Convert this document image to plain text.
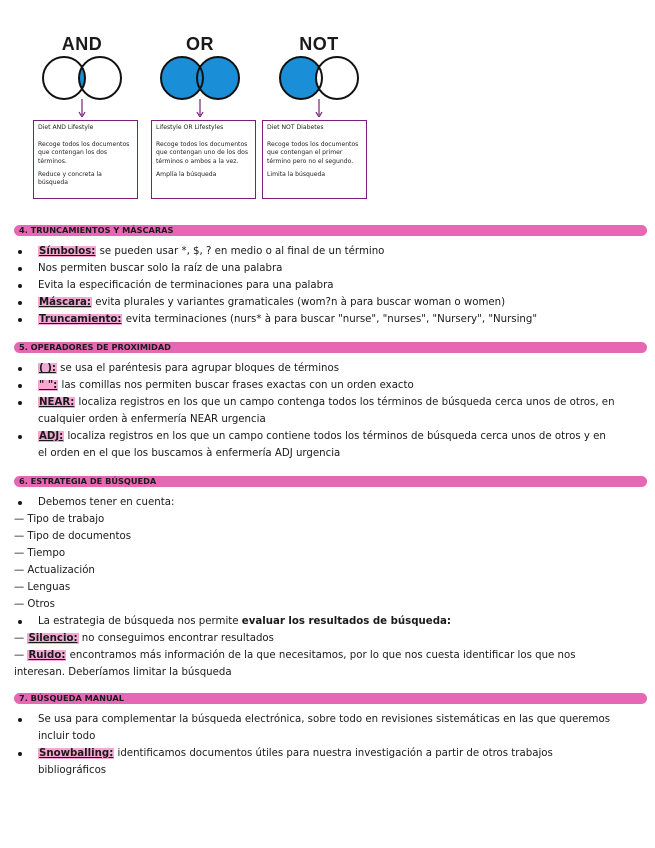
AND

Diet AND Lifestyle

Recoge todos los documentos que contengan los dos términos.

Reduce y concreta la búsqueda

OR

Lifestyle OR Lifestyles

Recoge todos los documentos que contengan uno de los dos términos o ambos a la vez.

Amplía la búsqueda

NOT

Diet NOT Diabetes

Recoge todos los documentos que contengan el primer término pero no el segundo.

Limita la búsqueda

4. TRUNCAMIENTOS Y MÁSCARAS
Símbolos: se pueden usar *, $, ? en medio o al final de un término
Nos permiten buscar solo la raíz de una palabra
Evita la especificación de terminaciones para una palabra
Máscara: evita plurales y variantes gramaticales (wom?n à para buscar woman o women)
Truncamiento: evita terminaciones (nurs* à para buscar "nurse", "nurses", "Nursery", "Nursing"
5. OPERADORES DE PROXIMIDAD
( ): se usa el paréntesis para agrupar bloques de términos
" ": las comillas nos permiten buscar frases exactas con un orden exacto
NEAR: localiza registros en los que un campo contenga todos los términos de búsqueda cerca unos de otros, en
cualquier orden à enfermería NEAR urgencia
ADJ: localiza registros en los que un campo contiene todos los términos de búsqueda cerca unos de otros y en
el orden en el que los buscamos à enfermería ADJ urgencia
6. ESTRATEGIA DE BÚSQUEDA
Debemos tener en cuenta:
— Tipo de trabajo
— Tipo de documentos
— Tiempo
— Actualización
— Lenguas
— Otros
La estrategia de búsqueda nos permite evaluar los resultados de búsqueda:
— Silencio: no conseguimos encontrar resultados
— Ruido: encontramos más información de la que necesitamos, por lo que nos cuesta identificar los que nos
interesan. Deberíamos limitar la búsqueda
7. BÚSQUEDA MANUAL
Se usa para complementar la búsqueda electrónica, sobre todo en revisiones sistemáticas en las que queremos
incluir todo
Snowballing: identificamos documentos útiles para nuestra investigación a partir de otros trabajos
bibliográficos
